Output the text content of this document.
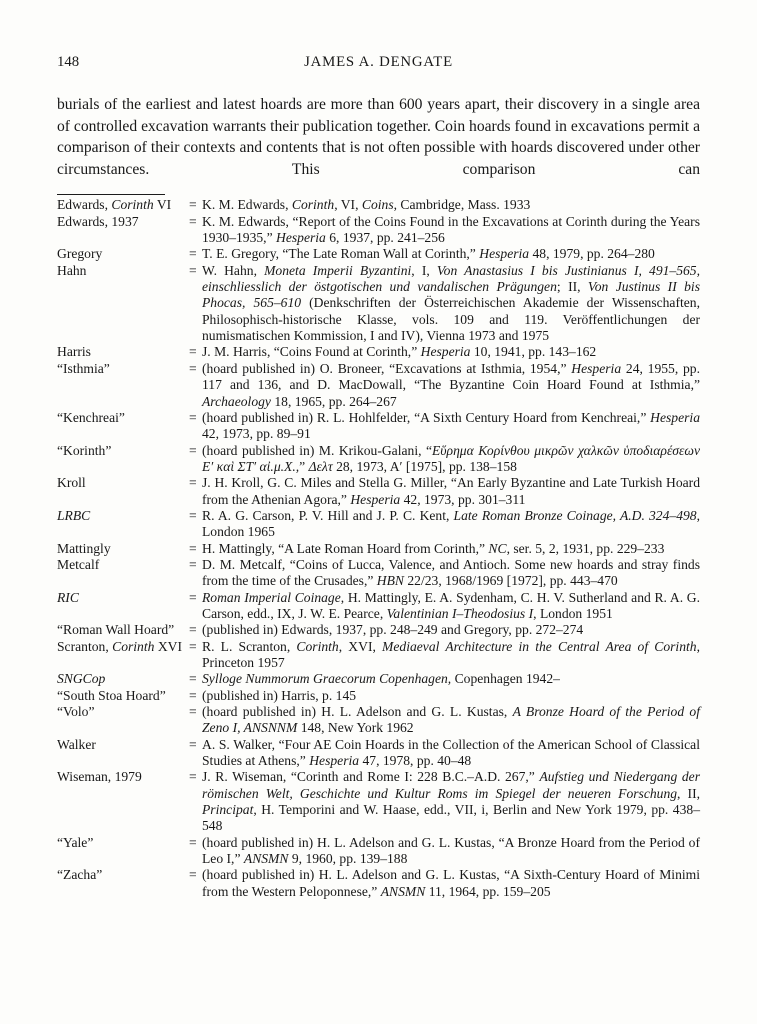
148	JAMES A. DENGATE

burials of the earliest and latest hoards are more than 600 years apart, their discovery in a single area of controlled excavation warrants their publication together. Coin hoards found in excavations permit a comparison of their contexts and contents that is not often possible with hoards discovered under other circumstances. This comparison can

Edwards, Corinth VI	= K. M. Edwards, Corinth, VI, Coins, Cambridge, Mass. 1933
Edwards, 1937	= K. M. Edwards, “Report of the Coins Found in the Excavations at Corinth during the Years 1930–1935,” Hesperia 6, 1937, pp. 241–256
Gregory	= T. E. Gregory, “The Late Roman Wall at Corinth,” Hesperia 48, 1979, pp. 264–280
Hahn	= W. Hahn, Moneta Imperii Byzantini, I, Von Anastasius I bis Justinianus I, 491–565, einschliesslich der östgotischen und vandalischen Prägungen; II, Von Justinus II bis Phocas, 565–610 (Denkschriften der Österreichischen Akademie der Wissenschaften, Philosophisch-historische Klasse, vols. 109 and 119. Veröffentlichungen der numismatischen Kommission, I and IV), Vienna 1973 and 1975
Harris	= J. M. Harris, “Coins Found at Corinth,” Hesperia 10, 1941, pp. 143–162
“Isthmia”	= (hoard published in) O. Broneer, “Excavations at Isthmia, 1954,” Hesperia 24, 1955, pp. 117 and 136, and D. MacDowall, “The Byzantine Coin Hoard Found at Isthmia,” Archaeology 18, 1965, pp. 264–267
“Kenchreai”	= (hoard published in) R. L. Hohlfelder, “A Sixth Century Hoard from Kenchreai,” Hesperia 42, 1973, pp. 89–91
“Korinth”	= (hoard published in) M. Krikou-Galani, “Εὕρημα Κορίνθου μικρῶν χαλκῶν ὑποδιαρέσεων Ε′ καὶ ΣΤ′ αἰ.μ.Χ.,” Δελτ 28, 1973, Α′ [1975], pp. 138–158
Kroll	= J. H. Kroll, G. C. Miles and Stella G. Miller, “An Early Byzantine and Late Turkish Hoard from the Athenian Agora,” Hesperia 42, 1973, pp. 301–311
LRBC	= R. A. G. Carson, P. V. Hill and J. P. C. Kent, Late Roman Bronze Coinage, A.D. 324–498, London 1965
Mattingly	= H. Mattingly, “A Late Roman Hoard from Corinth,” NC, ser. 5, 2, 1931, pp. 229–233
Metcalf	= D. M. Metcalf, “Coins of Lucca, Valence, and Antioch. Some new hoards and stray finds from the time of the Crusades,” HBN 22/23, 1968/1969 [1972], pp. 443–470
RIC	= Roman Imperial Coinage, H. Mattingly, E. A. Sydenham, C. H. V. Sutherland and R. A. G. Carson, edd., IX, J. W. E. Pearce, Valentinian I–Theodosius I, London 1951
“Roman Wall Hoard”	= (published in) Edwards, 1937, pp. 248–249 and Gregory, pp. 272–274
Scranton, Corinth XVI = R. L. Scranton, Corinth, XVI, Mediaeval Architecture in the Central Area of Corinth, Princeton 1957
SNGCop	= Sylloge Nummorum Graecorum Copenhagen, Copenhagen 1942–
“South Stoa Hoard”	= (published in) Harris, p. 145
“Volo”	= (hoard published in) H. L. Adelson and G. L. Kustas, A Bronze Hoard of the Period of Zeno I, ANSNNM 148, New York 1962
Walker	= A. S. Walker, “Four AE Coin Hoards in the Collection of the American School of Classical Studies at Athens,” Hesperia 47, 1978, pp. 40–48
Wiseman, 1979	= J. R. Wiseman, “Corinth and Rome I: 228 B.C.–A.D. 267,” Aufstieg und Niedergang der römischen Welt, Geschichte und Kultur Roms im Spiegel der neueren Forschung, II, Principat, H. Temporini and W. Haase, edd., VII, i, Berlin and New York 1979, pp. 438–548
“Yale”	= (hoard published in) H. L. Adelson and G. L. Kustas, “A Bronze Hoard from the Period of Leo I,” ANSMN 9, 1960, pp. 139–188
“Zacha”	= (hoard published in) H. L. Adelson and G. L. Kustas, “A Sixth-Century Hoard of Minimi from the Western Peloponnese,” ANSMN 11, 1964, pp. 159–205
